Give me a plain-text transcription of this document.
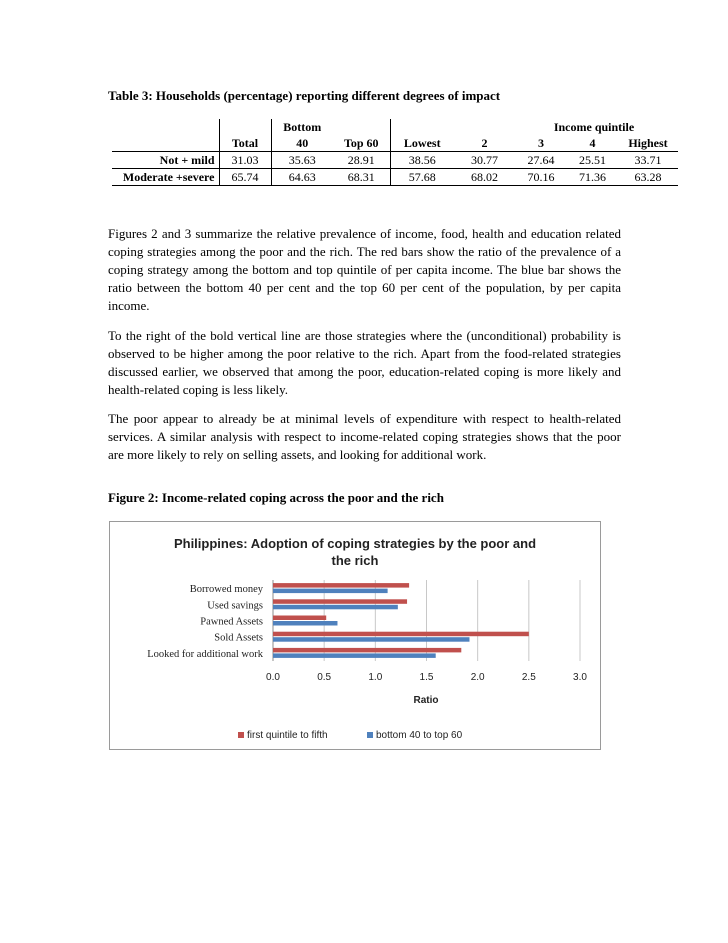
Table 3: Households (percentage) reporting different degrees of impact
		Bottom			Income quintile			
	Total	40	Top 60	Lowest	2	3	4	Highest
Not + mild	31.03	35.63	28.91	38.56	30.77	27.64	25.51	33.71
Moderate +severe	65.74	64.63	68.31	57.68	68.02	70.16	71.36	63.28
Figures 2 and 3 summarize the relative prevalence of income, food, health and education related coping strategies among the poor and the rich. The red bars show the ratio of the prevalence of a coping strategy among the bottom and top quintile of per capita income. The blue bar shows the ratio between the bottom 40 per cent and the top 60 per cent of the population, by per capita income.
To the right of the bold vertical line are those strategies where the (unconditional) probability is observed to be higher among the poor relative to the rich. Apart from the food-related strategies discussed earlier, we observed that among the poor, education-related coping is more likely and health-related coping is less likely.
The poor appear to already be at minimal levels of expenditure with respect to health-related services. A similar analysis with respect to income-related coping strategies shows that the poor are more likely to rely on selling assets, and looking for additional work.
Figure 2: Income-related coping across the poor and the rich
Philippines: Adoption of coping strategies by the poor and
the rich
0.0	0.5	1.0	1.5	2.0	2.5	3.0
Borrowed money
Used savings
Pawned Assets
Sold Assets
Looked for additional work
Ratio
first quintile to fifth	bottom 40 to top 60
